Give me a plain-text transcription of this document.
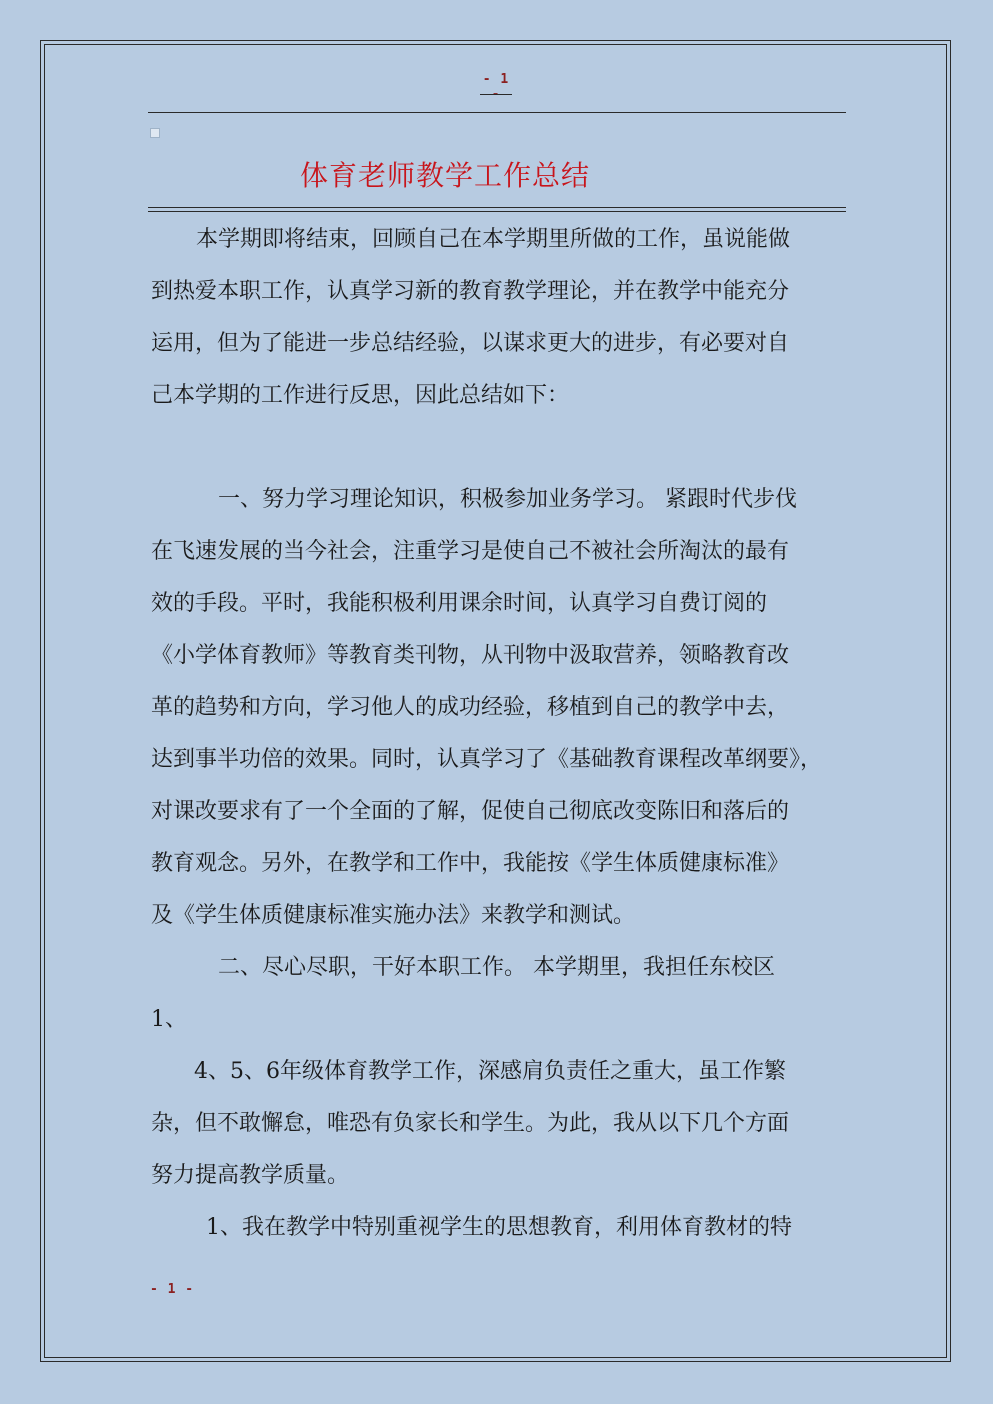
- 1
体育老师教学工作总结
本学期即将结束，回顾自己在本学期里所做的工作，虽说能做
到热爱本职工作，认真学习新的教育教学理论，并在教学中能充分
运用，但为了能进一步总结经验，以谋求更大的进步，有必要对自
己本学期的工作进行反思，因此总结如下：
一、努力学习理论知识，积极参加业务学习。 紧跟时代步伐
在飞速发展的当今社会，注重学习是使自己不被社会所淘汰的最有
效的手段。平时，我能积极利用课余时间，认真学习自费订阅的
《小学体育教师》等教育类刊物，从刊物中汲取营养，领略教育改
革的趋势和方向，学习他人的成功经验，移植到自己的教学中去，
达到事半功倍的效果。同时，认真学习了《基础教育课程改革纲要》，
对课改要求有了一个全面的了解，促使自己彻底改变陈旧和落后的
教育观念。另外，在教学和工作中，我能按《学生体质健康标准》
及《学生体质健康标准实施办法》来教学和测试。
二、尽心尽职，干好本职工作。 本学期里，我担任东校区
1、
4、5、6年级体育教学工作，深感肩负责任之重大，虽工作繁
杂，但不敢懈怠，唯恐有负家长和学生。为此，我从以下几个方面
努力提高教学质量。
1、我在教学中特别重视学生的思想教育，利用体育教材的特
- 1 -
